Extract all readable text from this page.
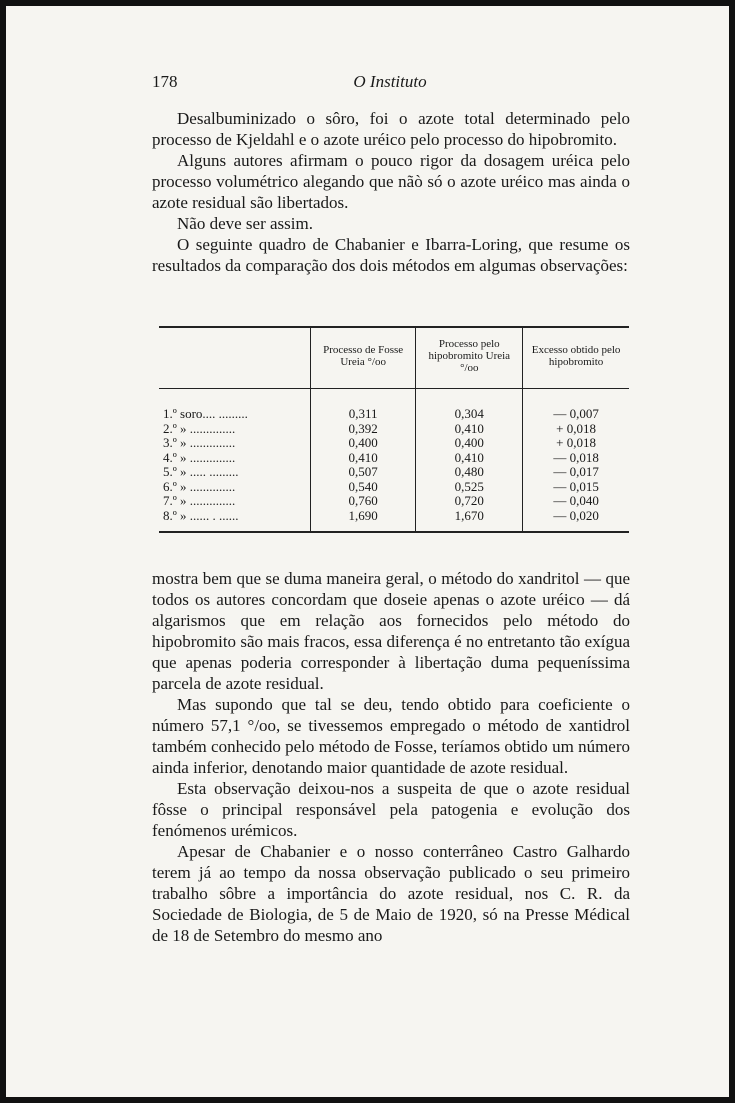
178	O Instituto

Desalbuminizado o sôro, foi o azote total determinado pelo processo de Kjeldahl e o azote uréico pelo processo do hipobromito.

Alguns autores afirmam o pouco rigor da dosagem uréica pelo processo volumétrico alegando que nãò só o azote uréico mas ainda o azote residual são libertados.

Não deve ser assim.

O seguinte quadro de Chabanier e Ibarra-Loring, que resume os resultados da comparação dos dois métodos em algumas observações:

	Processo de Fosse Ureia °/oo	Processo pelo hipobromito Ureia °/oo	Excesso obtido pelo hipobromito
1.º soro.... .........	0,311	0,304	— 0,007
2.º » ..............	0,392	0,410	+ 0,018
3.º » ..............	0,400	0,400	+ 0,018
4.º » ..............	0,410	0,410	— 0,018
5.º » ..... .........	0,507	0,480	— 0,017
6.º » ..............	0,540	0,525	— 0,015
7.º » ..............	0,760	0,720	— 0,040
8.º » ...... . ......	1,690	1,670	— 0,020

mostra bem que se duma maneira geral, o método do xandritol — que todos os autores concordam que doseie apenas o azote uréico — dá algarismos que em relação aos fornecidos pelo método do hipobromito são mais fracos, essa diferença é no entretanto tão exígua que apenas poderia corresponder à libertação duma pequeníssima parcela de azote residual.

Mas supondo que tal se deu, tendo obtido para coeficiente o número 57,1 °/oo, se tivessemos empregado o método de xantidrol também conhecido pelo método de Fosse, teríamos obtido um número ainda inferior, denotando maior quantidade de azote residual.

Esta observação deixou-nos a suspeita de que o azote residual fôsse o principal responsável pela patogenia e evolução dos fenómenos urémicos.

Apesar de Chabanier e o nosso conterrâneo Castro Galhardo terem já ao tempo da nossa observação publicado o seu primeiro trabalho sôbre a importância do azote residual, nos C. R. da Sociedade de Biologia, de 5 de Maio de 1920, só na Presse Médical de 18 de Setembro do mesmo ano
